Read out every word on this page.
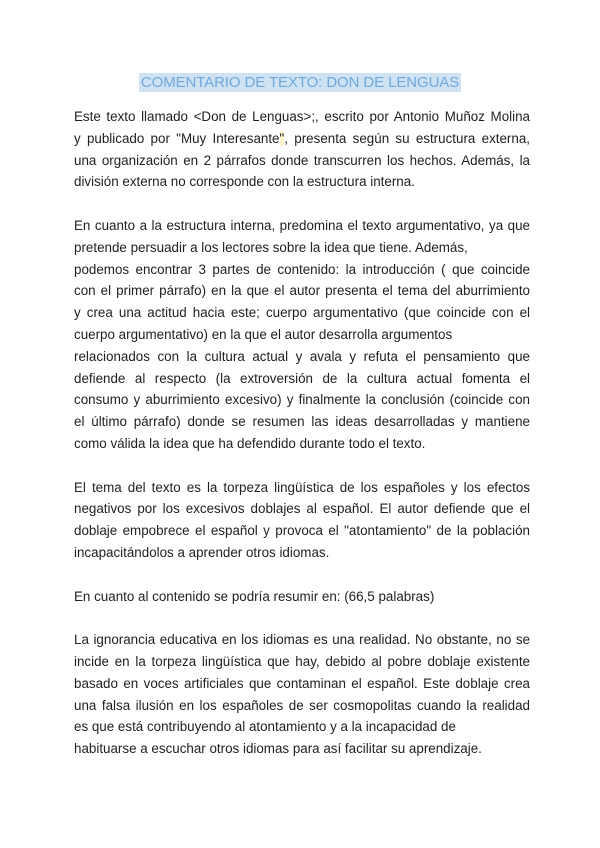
COMENTARIO DE TEXTO: DON DE LENGUAS

Este texto llamado <Don de Lenguas>;, escrito por Antonio Muñoz Molina
y publicado por "Muy Interesante", presenta según su estructura externa,
una organización en 2 párrafos donde transcurren los hechos. Además, la
división externa no corresponde con la estructura interna.

En cuanto a la estructura interna, predomina el texto argumentativo, ya que
pretende persuadir a los lectores sobre la idea que tiene. Además,
podemos encontrar 3 partes de contenido: la introducción ( que coincide
con el primer párrafo) en la que el autor presenta el tema del aburrimiento
y crea una actitud hacia este; cuerpo argumentativo (que coincide con el
cuerpo argumentativo) en la que el autor desarrolla argumentos
relacionados con la cultura actual y avala y refuta el pensamiento que
defiende al respecto (la extroversión de la cultura actual fomenta el
consumo y aburrimiento excesivo) y finalmente la conclusión (coincide con
el último párrafo) donde se resumen las ideas desarrolladas y mantiene
como válida la idea que ha defendido durante todo el texto.

El tema del texto es la torpeza lingüística de los españoles y los efectos
negativos por los excesivos doblajes al español. El autor defiende que el
doblaje empobrece el español y provoca el "atontamiento" de la población
incapacitándolos a aprender otros idiomas.

En cuanto al contenido se podría resumir en: (66,5 palabras)

La ignorancia educativa en los idiomas es una realidad. No obstante, no se
incide en la torpeza lingüística que hay, debido al pobre doblaje existente
basado en voces artificiales que contaminan el español. Este doblaje crea
una falsa ilusión en los españoles de ser cosmopolitas cuando la realidad
es que está contribuyendo al atontamiento y a la incapacidad de
habituarse a escuchar otros idiomas para así facilitar su aprendizaje.
